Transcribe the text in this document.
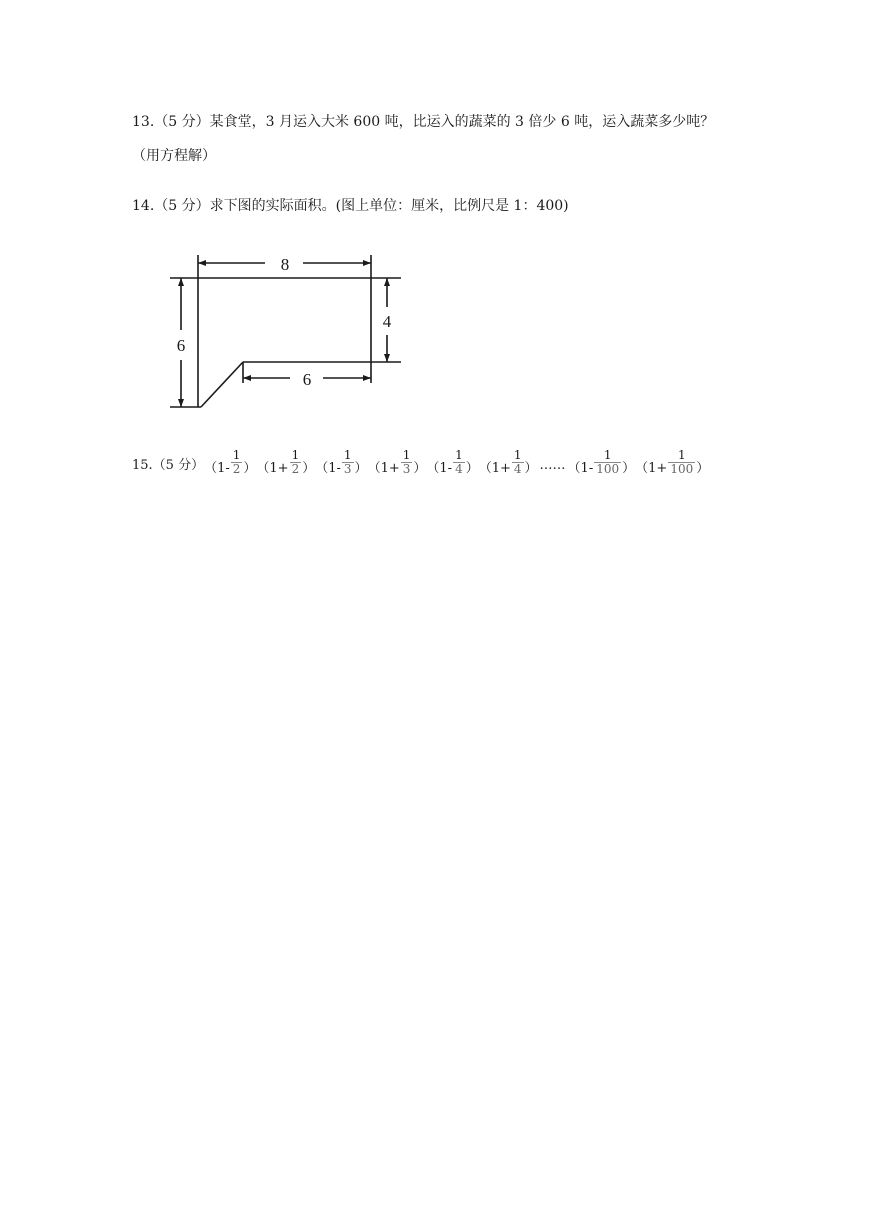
13.（5 分）某食堂，3 月运入大米 600 吨，比运入的蔬菜的 3 倍少 6 吨，运入蔬菜多少吨？
（用方程解）
14.（5 分）求下图的实际面积。(图上单位：厘米，比例尺是 1：400)
8
6
4
6
15.（5 分） （$1- \frac{1}{2}$ ） （$1+ \frac{1}{2}$ ） （$1- \frac{1}{3}$ ） （$1+ \frac{1}{3}$ ） （$1- \frac{1}{4}$ ） （$1+ \frac{1}{4}$ ） …… （$1- \frac{1}{100}$ ） （$1+ \frac{1}{100}$ ）
